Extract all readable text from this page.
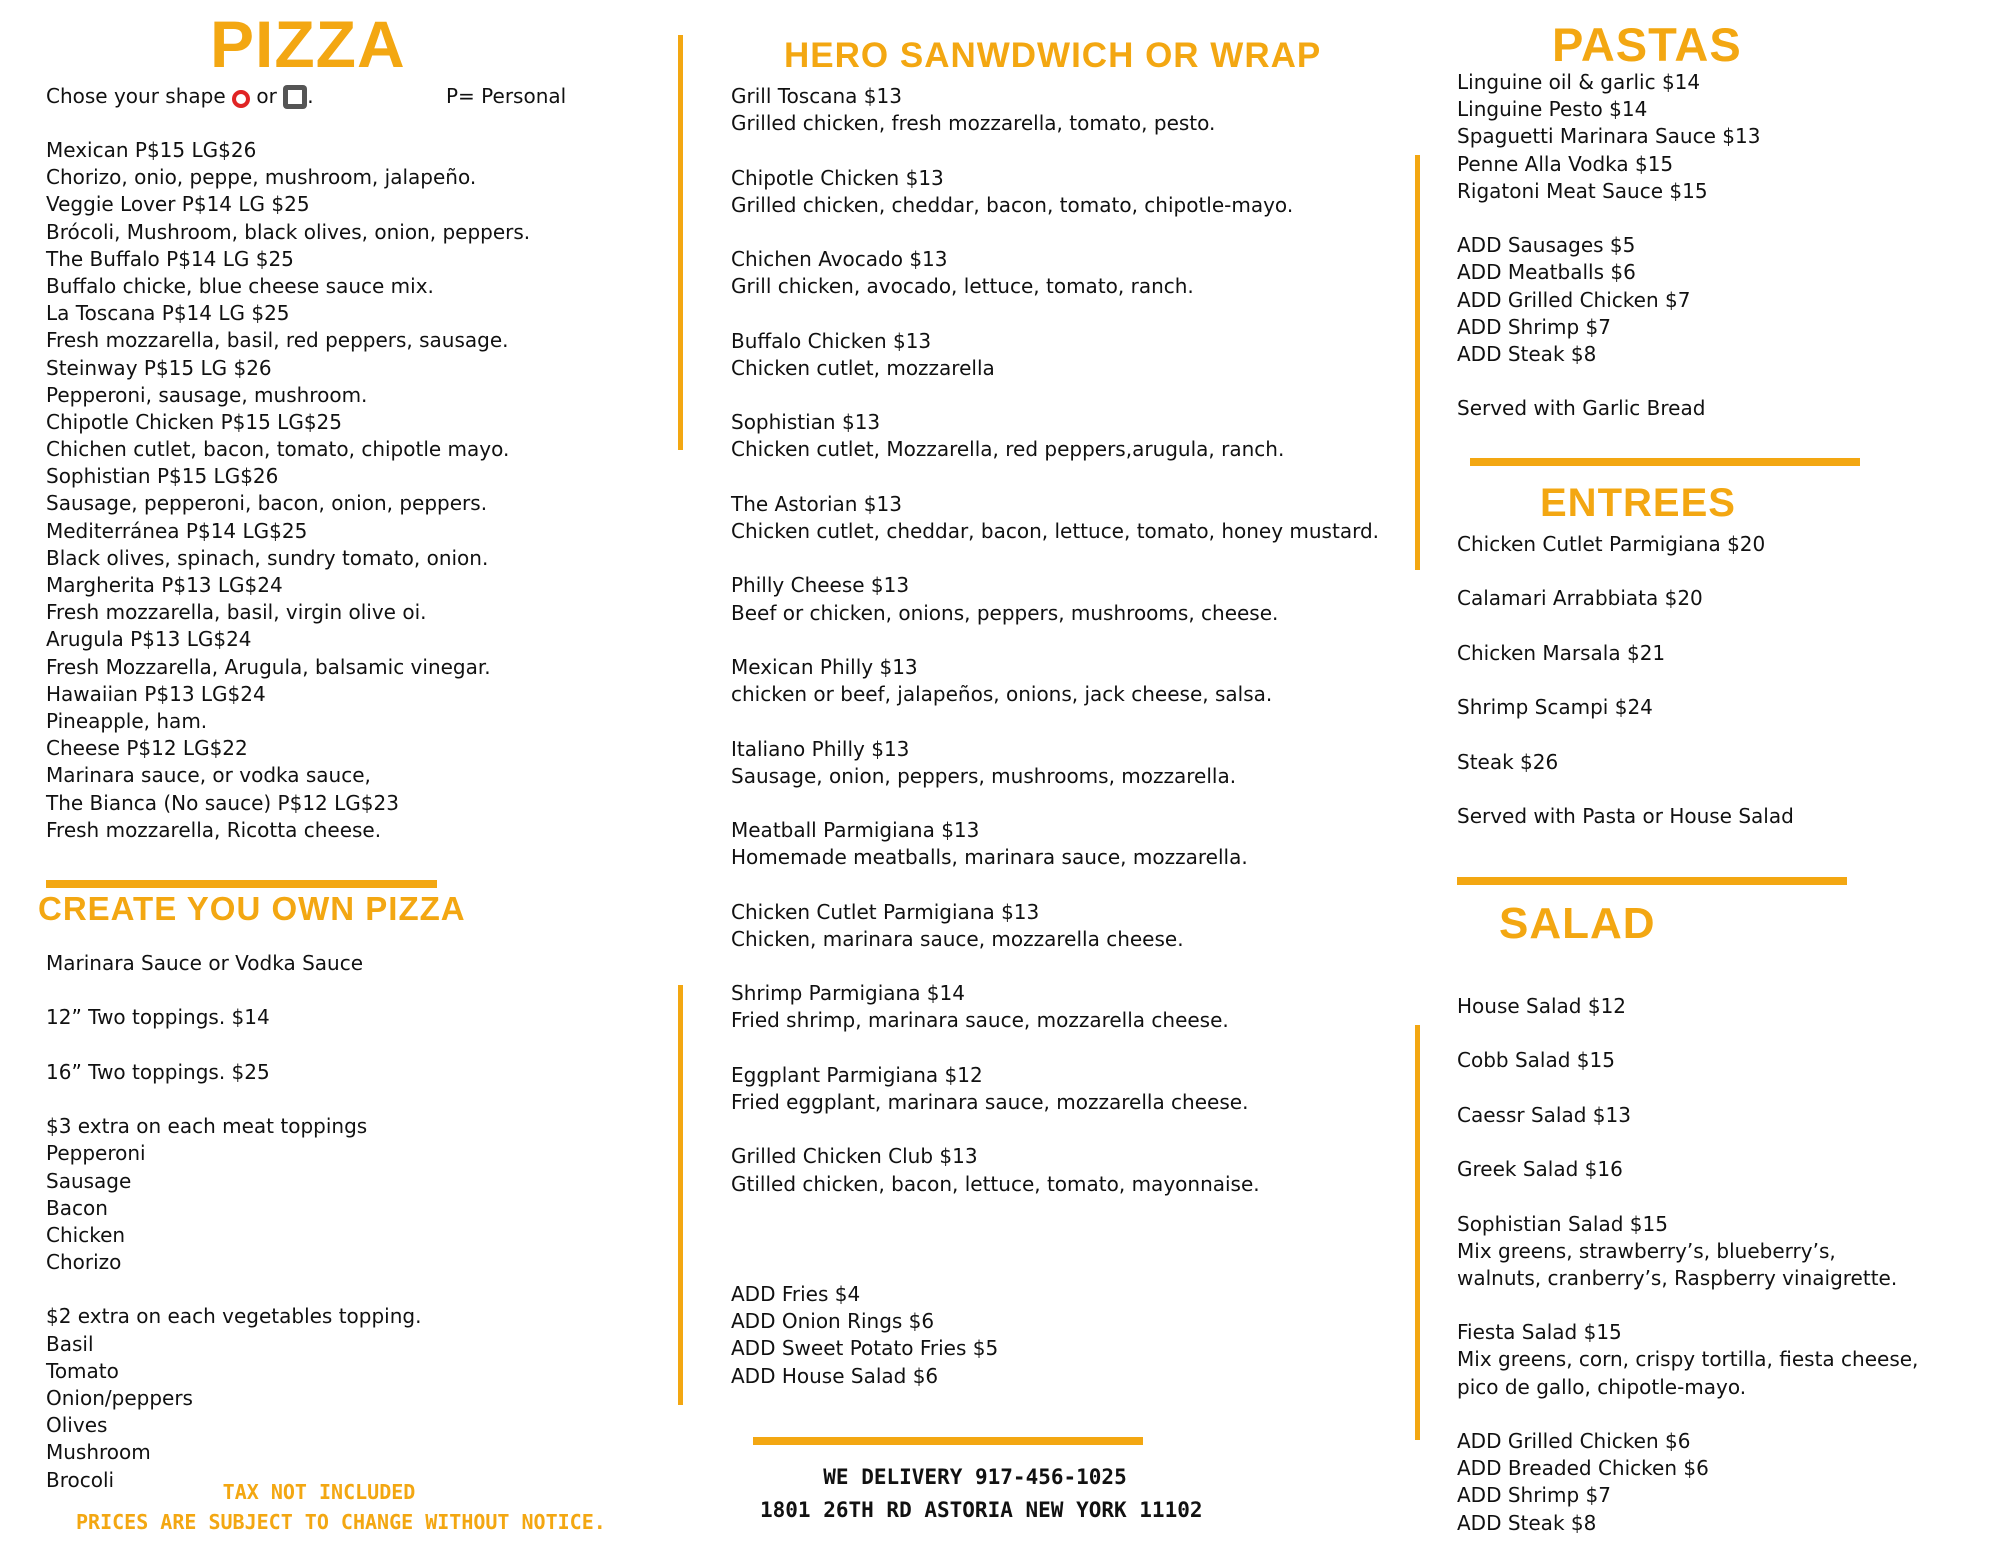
PIZZA
Chose your shape or .	P= Personal
Mexican P$15 LG$26
Chorizo, onio, peppe, mushroom, jalapeño.
Veggie Lover P$14 LG $25
Brócoli, Mushroom, black olives, onion, peppers.
The Buffalo P$14 LG $25
Buffalo chicke, blue cheese sauce mix.
La Toscana P$14 LG $25
Fresh mozzarella, basil, red peppers, sausage.
Steinway P$15 LG $26
Pepperoni, sausage, mushroom.
Chipotle Chicken P$15 LG$25
Chichen cutlet, bacon, tomato, chipotle mayo.
Sophistian P$15 LG$26
Sausage, pepperoni, bacon, onion, peppers.
Mediterránea P$14 LG$25
Black olives, spinach, sundry tomato, onion.
Margherita P$13 LG$24
Fresh mozzarella, basil, virgin olive oi.
Arugula P$13 LG$24
Fresh Mozzarella, Arugula, balsamic vinegar.
Hawaiian P$13 LG$24
Pineapple, ham.
Cheese P$12 LG$22
Marinara sauce, or vodka sauce,
The Bianca (No sauce) P$12 LG$23
Fresh mozzarella, Ricotta cheese.
CREATE YOU OWN PIZZA
Marinara Sauce or Vodka Sauce
12” Two toppings. $14
16” Two toppings. $25
$3 extra on each meat toppings
Pepperoni
Sausage
Bacon
Chicken
Chorizo
$2 extra on each vegetables topping.
Basil
Tomato
Onion/peppers
Olives
Mushroom
Brocoli
TAX NOT INCLUDED
PRICES ARE SUBJECT TO CHANGE WITHOUT NOTICE.
HERO SANWDWICH OR WRAP
Grill Toscana $13
Grilled chicken, fresh mozzarella, tomato, pesto.
Chipotle Chicken $13
Grilled chicken, cheddar, bacon, tomato, chipotle-mayo.
Chichen Avocado $13
Grill chicken, avocado, lettuce, tomato, ranch.
Buffalo Chicken $13
Chicken cutlet, mozzarella
Sophistian $13
Chicken cutlet, Mozzarella, red peppers,arugula, ranch.
The Astorian $13
Chicken cutlet, cheddar, bacon, lettuce, tomato, honey mustard.
Philly Cheese $13
Beef or chicken, onions, peppers, mushrooms, cheese.
Mexican Philly $13
chicken or beef, jalapeños, onions, jack cheese, salsa.
Italiano Philly $13
Sausage, onion, peppers, mushrooms, mozzarella.
Meatball Parmigiana $13
Homemade meatballs, marinara sauce, mozzarella.
Chicken Cutlet Parmigiana $13
Chicken, marinara sauce, mozzarella cheese.
Shrimp Parmigiana $14
Fried shrimp, marinara sauce, mozzarella cheese.
Eggplant Parmigiana $12
Fried eggplant, marinara sauce, mozzarella cheese.
Grilled Chicken Club $13
Gtilled chicken, bacon, lettuce, tomato, mayonnaise.
ADD Fries $4
ADD Onion Rings $6
ADD Sweet Potato Fries $5
ADD House Salad $6
WE DELIVERY 917-456-1025
1801 26TH RD ASTORIA NEW YORK 11102
PASTAS
Linguine oil & garlic $14
Linguine Pesto $14
Spaguetti Marinara Sauce $13
Penne Alla Vodka $15
Rigatoni Meat Sauce $15
ADD Sausages $5
ADD Meatballs $6
ADD Grilled Chicken $7
ADD Shrimp $7
ADD Steak $8
Served with Garlic Bread
ENTREES
Chicken Cutlet Parmigiana $20
Calamari Arrabbiata $20
Chicken Marsala $21
Shrimp Scampi $24
Steak $26
Served with Pasta or House Salad
SALAD
House Salad $12
Cobb Salad $15
Caessr Salad $13
Greek Salad $16
Sophistian Salad $15
Mix greens, strawberry’s, blueberry’s,
walnuts, cranberry’s, Raspberry vinaigrette.
Fiesta Salad $15
Mix greens, corn, crispy tortilla, fiesta cheese,
pico de gallo, chipotle-mayo.
ADD Grilled Chicken $6
ADD Breaded Chicken $6
ADD Shrimp $7
ADD Steak $8
